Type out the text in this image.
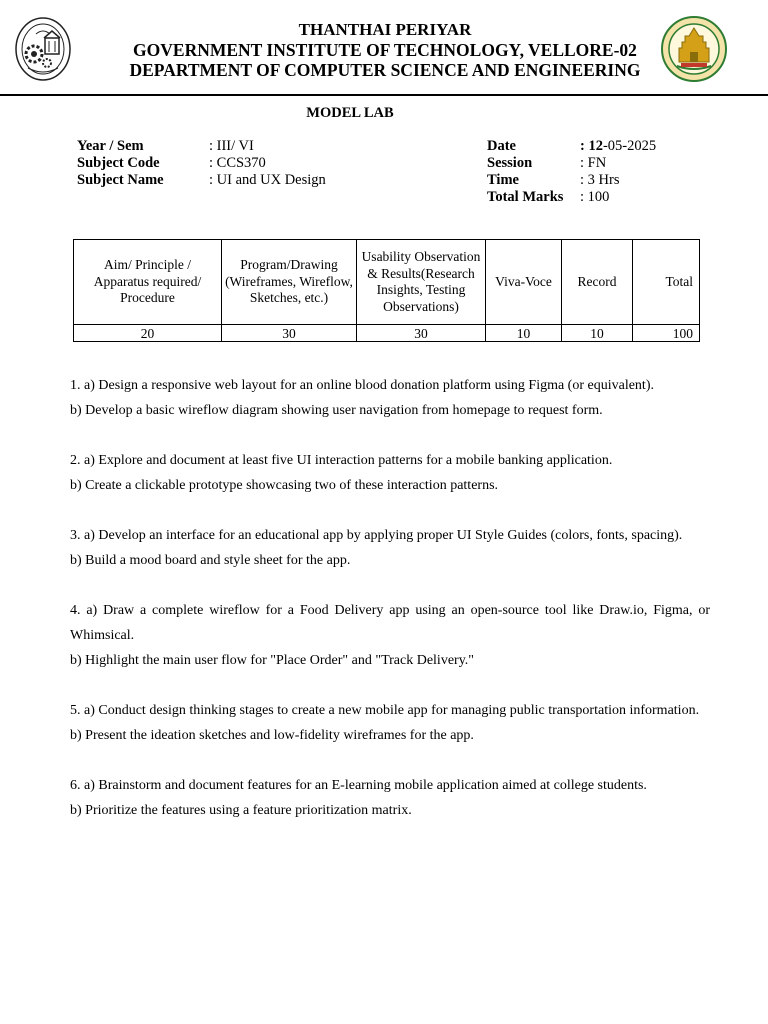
THANTHAI PERIYAR
GOVERNMENT INSTITUTE OF TECHNOLOGY, VELLORE-02
DEPARTMENT OF COMPUTER SCIENCE AND ENGINEERING
MODEL LAB
Year / Sem	: III/ VI
Subject Code	: CCS370
Subject Name	: UI and UX Design
Date	: 12-05-2025
Session	: FN
Time	: 3 Hrs
Total Marks	: 100
Aim/ Principle / Apparatus required/ Procedure	Program/Drawing (Wireframes, Wireflow, Sketches, etc.)	Usability Observation & Results(Research Insights, Testing Observations)	Viva-Voce	Record	Total
20	30	30	10	10	100

1. a) Design a responsive web layout for an online blood donation platform using Figma (or equivalent).

b) Develop a basic wireflow diagram showing user navigation from homepage to request form.

2. a) Explore and document at least five UI interaction patterns for a mobile banking application.

b) Create a clickable prototype showcasing two of these interaction patterns.

3. a) Develop an interface for an educational app by applying proper UI Style Guides (colors, fonts, spacing).

b) Build a mood board and style sheet for the app.

4. a) Draw a complete wireflow for a Food Delivery app using an open-source tool like Draw.io, Figma, or Whimsical.

b) Highlight the main user flow for "Place Order" and "Track Delivery."

5. a) Conduct design thinking stages to create a new mobile app for managing public transportation information.

b) Present the ideation sketches and low-fidelity wireframes for the app.

6. a) Brainstorm and document features for an E-learning mobile application aimed at college students.

b) Prioritize the features using a feature prioritization matrix.
